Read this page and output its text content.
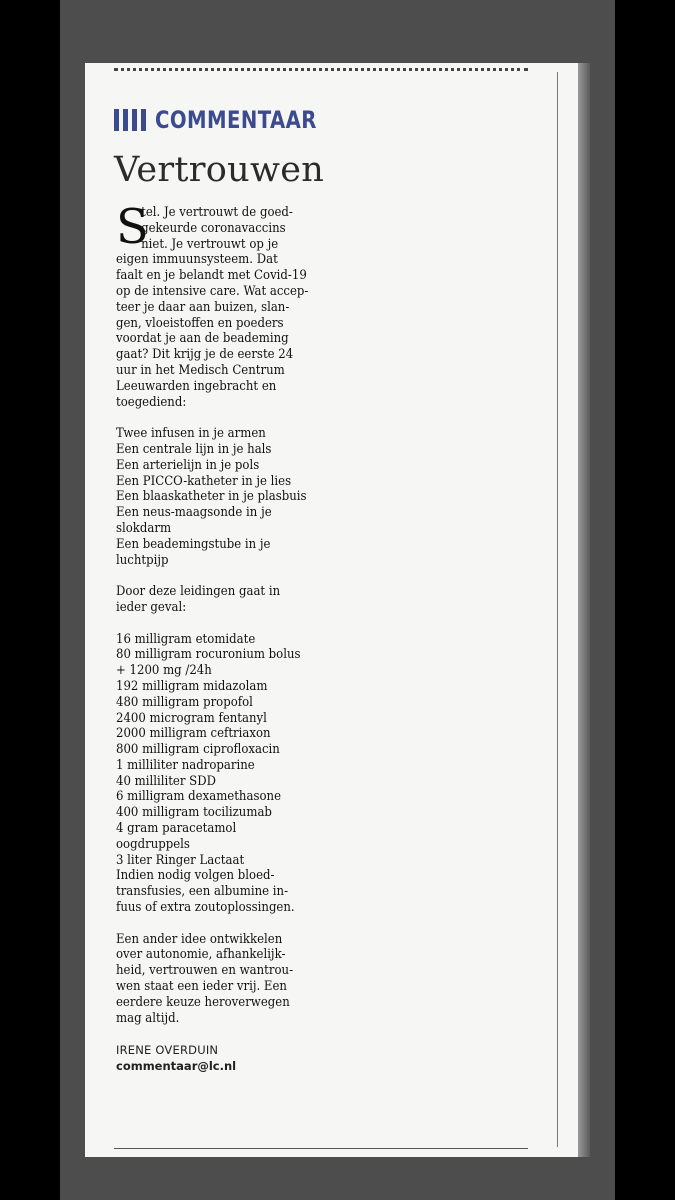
COMMENTAAR
Vertrouwen
S
tel. Je vertrouwt de goed-
gekeurde coronavaccins
niet. Je vertrouwt op je
eigen immuunsysteem. Dat
faalt en je belandt met Covid-19
op de intensive care. Wat accep-
teer je daar aan buizen, slan-
gen, vloeistoffen en poeders
voordat je aan de beademing
gaat? Dit krijg je de eerste 24
uur in het Medisch Centrum
Leeuwarden ingebracht en
toegediend:
Twee infusen in je armen
Een centrale lijn in je hals
Een arterielijn in je pols
Een PICCO-katheter in je lies
Een blaaskatheter in je plasbuis
Een neus-maagsonde in je
slokdarm
Een beademingstube in je
luchtpijp
Door deze leidingen gaat in
ieder geval:
16 milligram etomidate
80 milligram rocuronium bolus
+ 1200 mg /24h
192 milligram midazolam
480 milligram propofol
2400 microgram fentanyl
2000 milligram ceftriaxon
800 milligram ciprofloxacin
1 milliliter nadroparine
40 milliliter SDD
6 milligram dexamethasone
400 milligram tocilizumab
4 gram paracetamol
oogdruppels
3 liter Ringer Lactaat
Indien nodig volgen bloed-
transfusies, een albumine in-
fuus of extra zoutoplossingen.
Een ander idee ontwikkelen
over autonomie, afhankelijk-
heid, vertrouwen en wantrou-
wen staat een ieder vrij. Een
eerdere keuze heroverwegen
mag altijd.
IRENE OVERDUIN
commentaar@lc.nl
